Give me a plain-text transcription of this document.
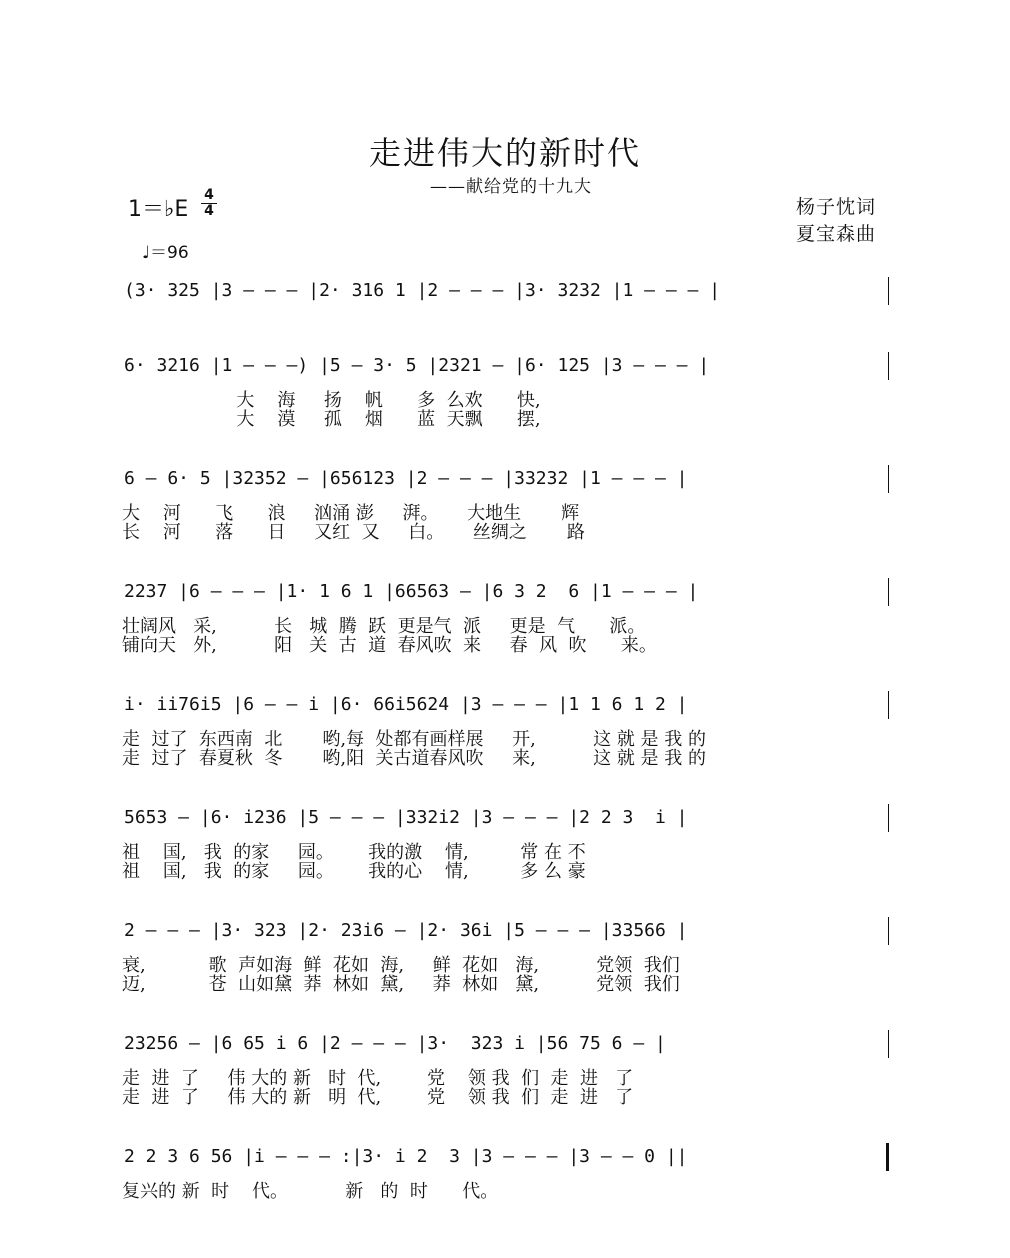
走进伟大的新时代
——献给党的十九大
1＝♭E
4
4
♩＝96
杨子忱词
夏宝森曲
(3· 325 |3 — — — |2· 316 1 |2 — — — |3· 3232 |1 — — — |
6· 3216 |1 — — —) |5 — 3· 5 |2321 — |6· 125 |3 — — — |
大    海     扬    帆      多  么欢      快,
大    漠     孤    烟      蓝  天飘      摆,
6 — 6· 5 |32352 — |656123 |2 — — — |33232 |1 — — — |
大    河      飞      浪     汹涌 澎     湃。     大地生       辉
长    河      落      日     又红  又     白。     丝绸之       路
2237 |6 — — — |1· 1 6 1 |66563 — |6 3 2  6 |1 — — — |
壮阔风   采,          长   城  腾  跃  更是气  派     更是  气      派。
铺向天   外,          阳   关  古  道  春风吹  来     春  风  吹      来。
i· ii76i5 |6 — — i |6· 66i5624 |3 — — — |1 1 6 1 2 |
走  过了  东西南  北       哟,每  处都有画样展     开,          这 就 是 我 的
走  过了  春夏秋  冬       哟,阳  关古道春风吹     来,          这 就 是 我 的
5653 — |6· i236 |5 — — — |332i2 |3 — — — |2 2 3  i |
祖    国,   我  的家     园。      我的激    情,         常 在 不
祖    国,   我  的家     园。      我的心    情,         多 么 豪
2 — — — |3· 323 |2· 23i6 — |2· 36i |5 — — — |33566 |
衰,           歌  声如海  鲜  花如  海,     鲜  花如   海,          党领  我们
迈,           苍  山如黛  莽  林如  黛,     莽  林如   黛,          党领  我们
23256 — |6 65 i 6 |2 — — — |3·  323 i |56 75 6 — |
走  进  了     伟 大的 新   时  代,        党    领 我  们  走  进   了
走  进  了     伟 大的 新   明  代,        党    领 我  们  走  进   了
2 2 3 6 56 |i — — — :|3· i 2  3 |3 — — — |3 — — 0 ||
复兴的 新  时    代。          新   的  时      代。
